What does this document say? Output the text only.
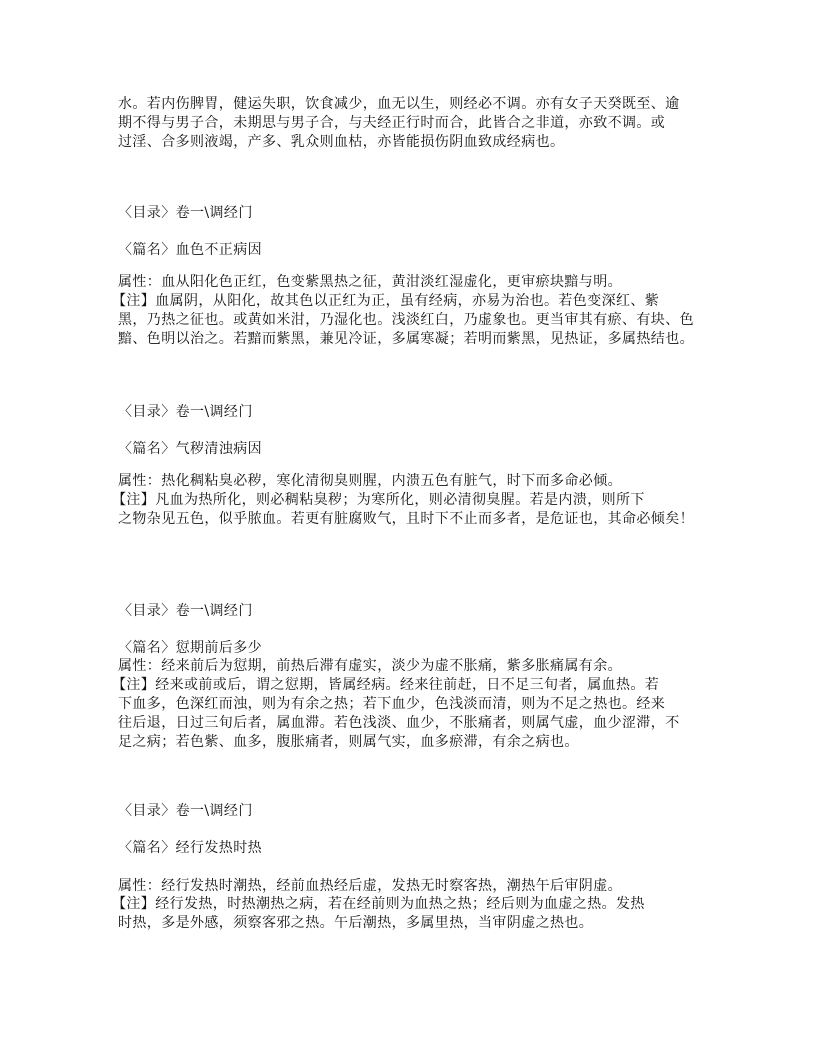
水。若内伤脾胃，健运失职，饮食减少，血无以生，则经必不调。亦有女子天癸既至、逾
期不得与男子合，未期思与男子合，与夫经正行时而合，此皆合之非道，亦致不调。或
过淫、合多则液竭，产多、乳众则血枯，亦皆能损伤阴血致成经病也。
〈目录〉卷一\调经门
〈篇名〉血色不正病因
属性：血从阳化色正红，色变紫黑热之征，黄泔淡红湿虚化，更审瘀块黯与明。
【注】血属阴，从阳化，故其色以正红为正，虽有经病，亦易为治也。若色变深红、紫
黑，乃热之征也。或黄如米泔，乃湿化也。浅淡红白，乃虚象也。更当审其有瘀、有块、色
黯、色明以治之。若黯而紫黑，兼见冷证，多属寒凝；若明而紫黑，见热证，多属热结也。
〈目录〉卷一\调经门
〈篇名〉气秽清浊病因
属性：热化稠粘臭必秽，寒化清彻臭则腥，内溃五色有脏气，时下而多命必倾。
【注】凡血为热所化，则必稠粘臭秽；为寒所化，则必清彻臭腥。若是内溃，则所下
之物杂见五色，似乎脓血。若更有脏腐败气，且时下不止而多者，是危证也，其命必倾矣！
〈目录〉卷一\调经门
〈篇名〉愆期前后多少
属性：经来前后为愆期，前热后滞有虚实，淡少为虚不胀痛，紫多胀痛属有余。
【注】经来或前或后，谓之愆期，皆属经病。经来往前赶，日不足三旬者，属血热。若
下血多，色深红而浊，则为有余之热；若下血少，色浅淡而清，则为不足之热也。经来
往后退，日过三旬后者，属血滞。若色浅淡、血少，不胀痛者，则属气虚，血少涩滞，不
足之病；若色紫、血多，腹胀痛者，则属气实，血多瘀滞，有余之病也。
〈目录〉卷一\调经门
〈篇名〉经行发热时热
属性：经行发热时潮热，经前血热经后虚，发热无时察客热，潮热午后审阴虚。
【注】经行发热，时热潮热之病，若在经前则为血热之热；经后则为血虚之热。发热
时热，多是外感，须察客邪之热。午后潮热，多属里热，当审阴虚之热也。
